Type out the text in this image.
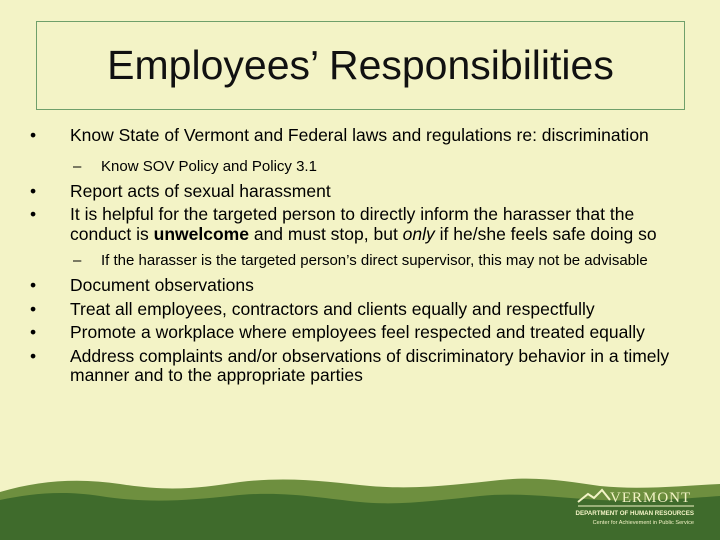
Employees’ Responsibilities
•	Know State of Vermont and Federal laws and regulations re: discrimination
–	Know SOV Policy and Policy 3.1
•	Report acts of sexual harassment
•	It is helpful for the targeted person to directly inform the harasser that the conduct is unwelcome and must stop, but only if he/she feels safe doing so
–	If the harasser is the targeted person’s direct supervisor, this may not be advisable
•	Document observations
•	Treat all employees, contractors and clients equally and respectfully
•	Promote a workplace where employees feel respected and treated equally
•	Address complaints and/or observations of discriminatory behavior in a timely manner and to the appropriate parties
VERMONT
DEPARTMENT OF HUMAN RESOURCES
Center for Achievement in Public Service
